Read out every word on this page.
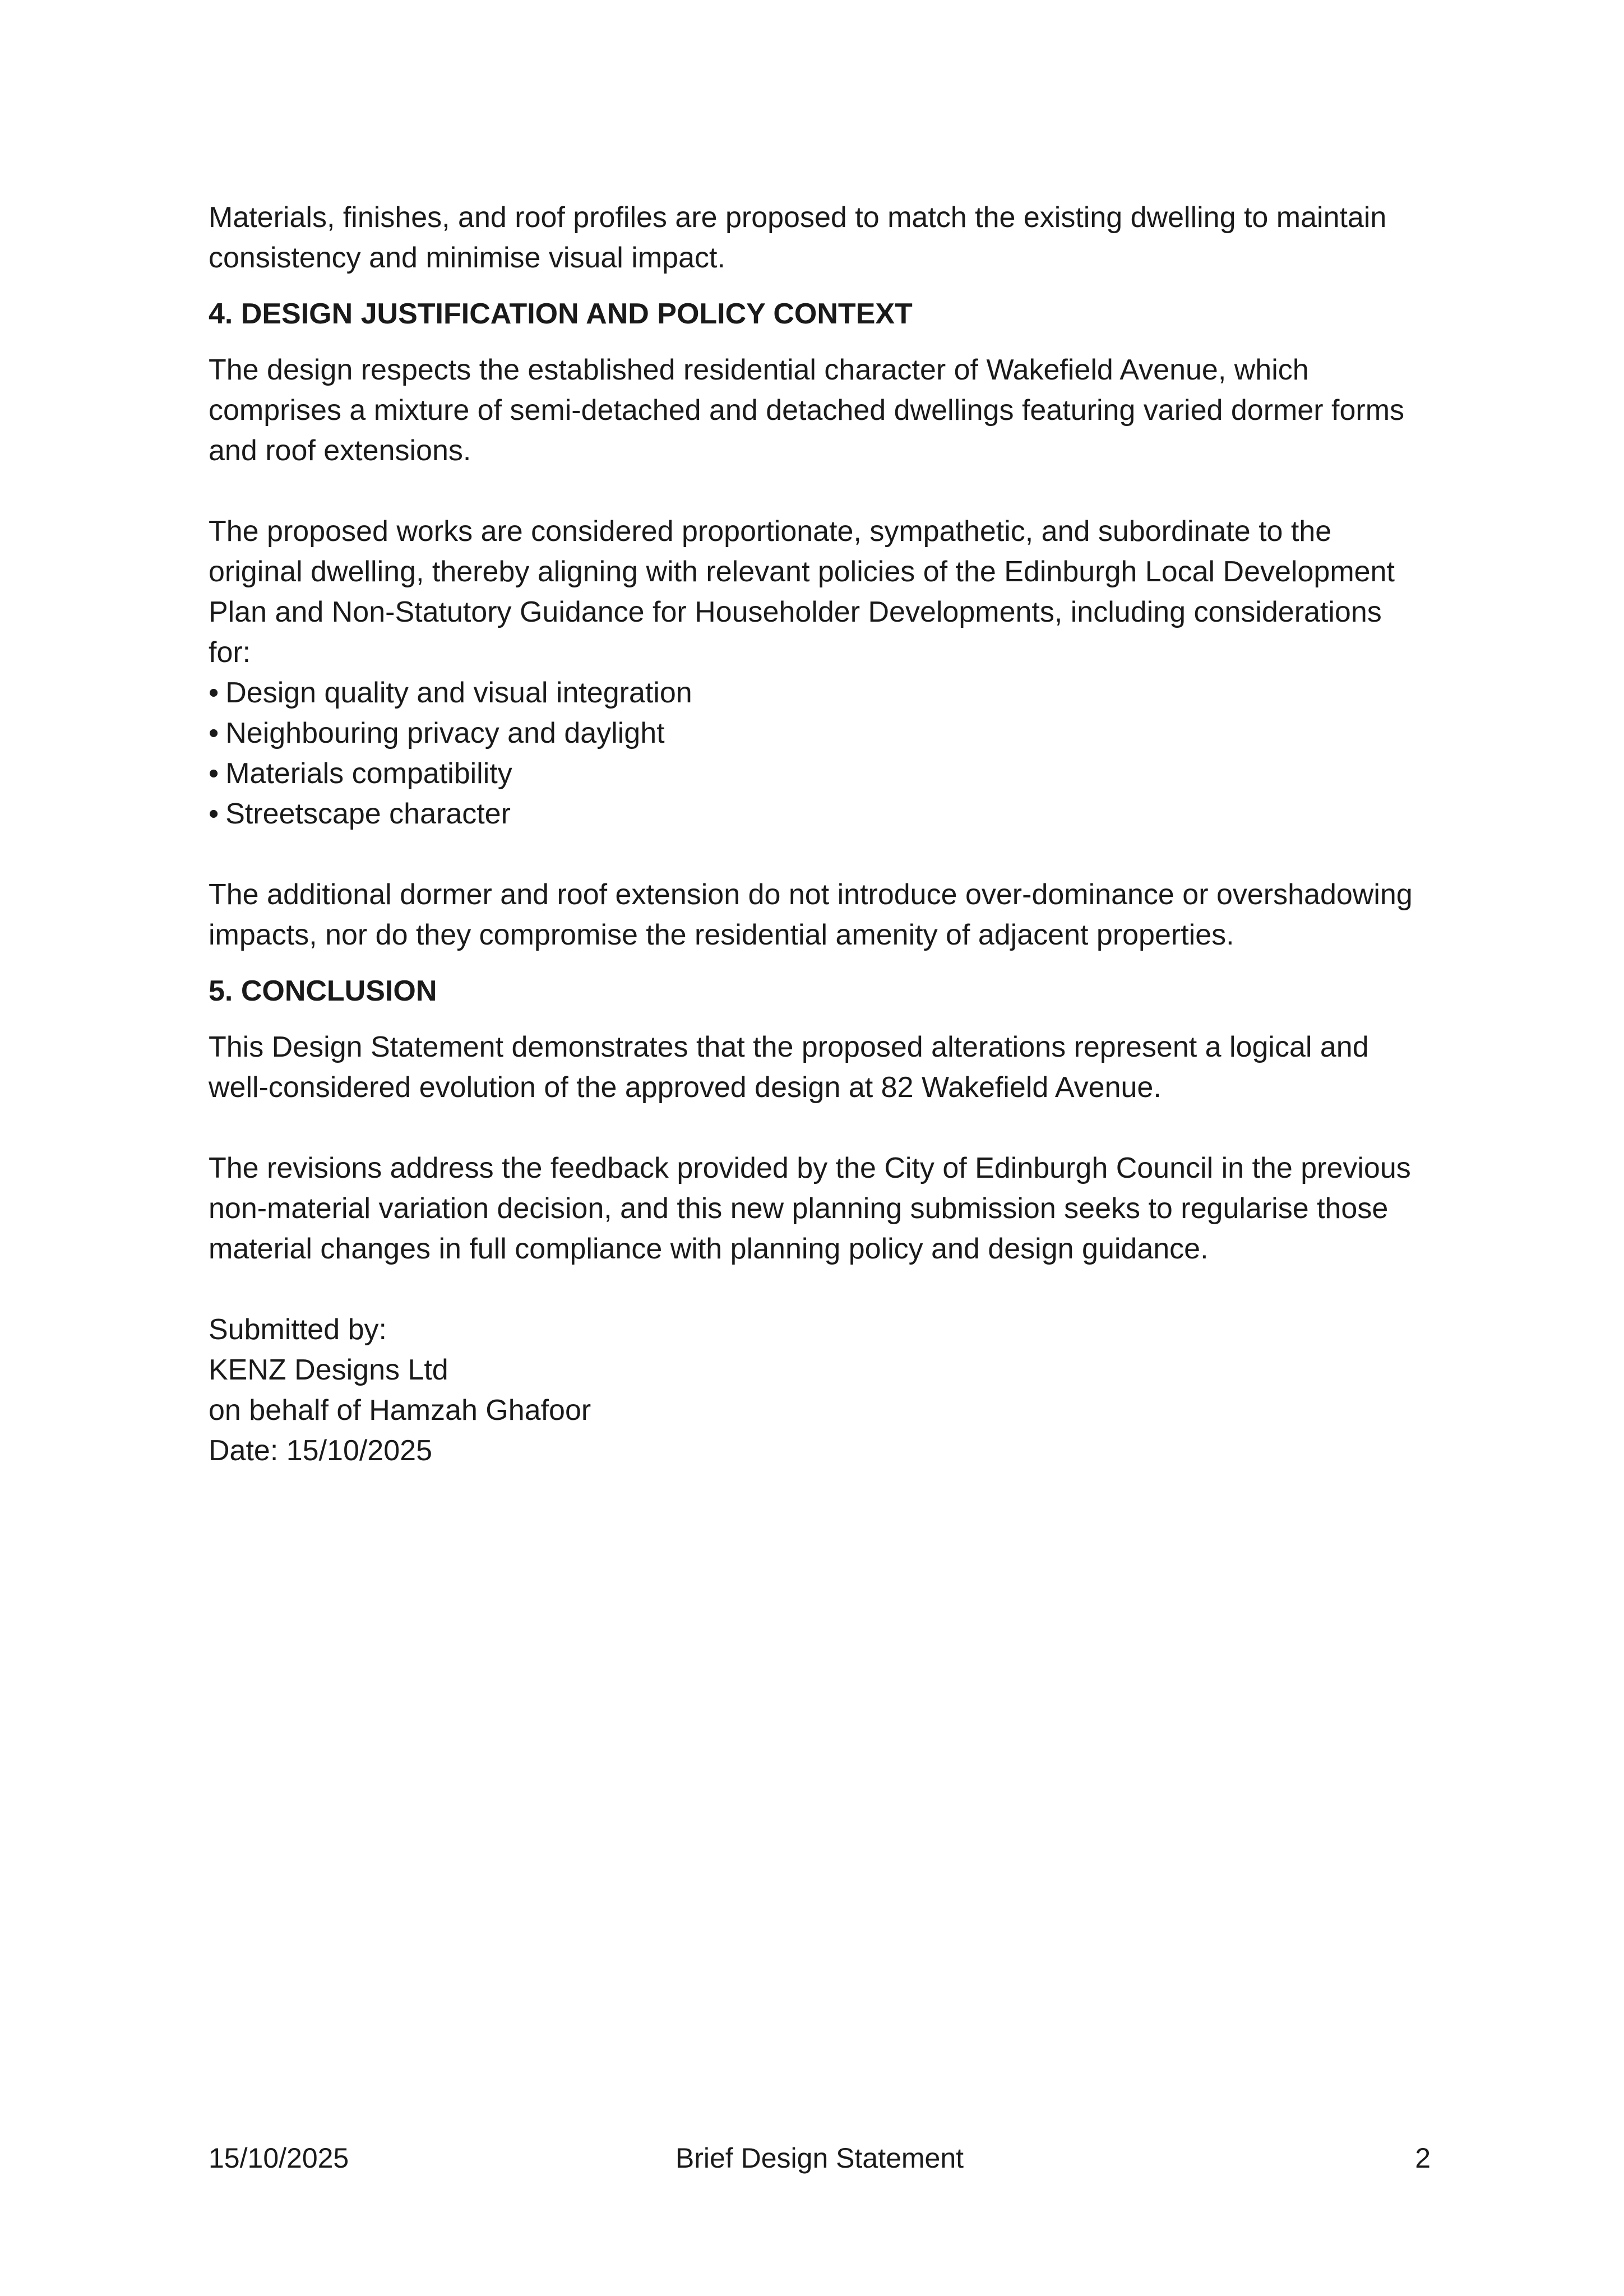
Materials, finishes, and roof profiles are proposed to match the existing dwelling to maintain consistency and minimise visual impact.

4. DESIGN JUSTIFICATION AND POLICY CONTEXT

The design respects the established residential character of Wakefield Avenue, which comprises a mixture of semi-detached and detached dwellings featuring varied dormer forms and roof extensions.

The proposed works are considered proportionate, sympathetic, and subordinate to the original dwelling, thereby aligning with relevant policies of the Edinburgh Local Development Plan and Non-Statutory Guidance for Householder Developments, including considerations for:

• Design quality and visual integration
• Neighbouring privacy and daylight
• Materials compatibility
• Streetscape character

The additional dormer and roof extension do not introduce over-dominance or overshadowing impacts, nor do they compromise the residential amenity of adjacent properties.

5. CONCLUSION

This Design Statement demonstrates that the proposed alterations represent a logical and well-considered evolution of the approved design at 82 Wakefield Avenue.

The revisions address the feedback provided by the City of Edinburgh Council in the previous non-material variation decision, and this new planning submission seeks to regularise those material changes in full compliance with planning policy and design guidance.

Submitted by:

KENZ Designs Ltd

on behalf of Hamzah Ghafoor

Date: 15/10/2025

15/10/2025	Brief Design Statement	2
